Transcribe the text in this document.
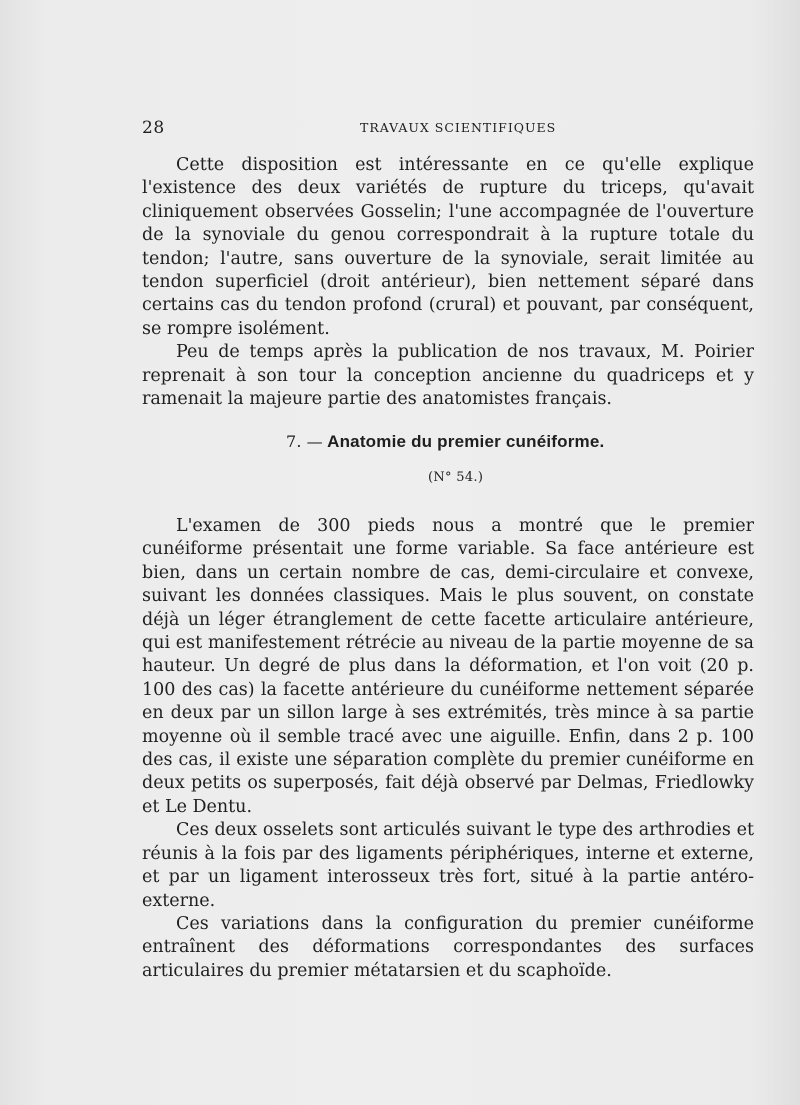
28	TRAVAUX SCIENTIFIQUES

Cette disposition est intéressante en ce qu'elle explique l'existence des deux variétés de rupture du triceps, qu'avait cliniquement observées Gosselin; l'une accompagnée de l'ouverture de la synoviale du genou correspondrait à la rupture totale du tendon; l'autre, sans ouverture de la synoviale, serait limitée au tendon superficiel (droit antérieur), bien nettement séparé dans certains cas du tendon profond (crural) et pouvant, par conséquent, se rompre isolément.

Peu de temps après la publication de nos travaux, M. Poirier reprenait à son tour la conception ancienne du quadriceps et y ramenait la majeure partie des anatomistes français.

7. — Anatomie du premier cunéiforme.
(N° 54.)

L'examen de 300 pieds nous a montré que le premier cunéiforme présentait une forme variable. Sa face antérieure est bien, dans un certain nombre de cas, demi-circulaire et convexe, suivant les données classiques. Mais le plus souvent, on constate déjà un léger étranglement de cette facette articulaire antérieure, qui est manifestement rétrécie au niveau de la partie moyenne de sa hauteur. Un degré de plus dans la déformation, et l'on voit (20 p. 100 des cas) la facette antérieure du cunéiforme nettement séparée en deux par un sillon large à ses extrémités, très mince à sa partie moyenne où il semble tracé avec une aiguille. Enfin, dans 2 p. 100 des cas, il existe une séparation complète du premier cunéiforme en deux petits os superposés, fait déjà observé par Delmas, Friedlowky et Le Dentu.

Ces deux osselets sont articulés suivant le type des arthrodies et réunis à la fois par des ligaments périphériques, interne et externe, et par un ligament interosseux très fort, situé à la partie antéro-externe.

Ces variations dans la configuration du premier cunéiforme entraînent des déformations correspondantes des surfaces articulaires du premier métatarsien et du scaphoïde.
